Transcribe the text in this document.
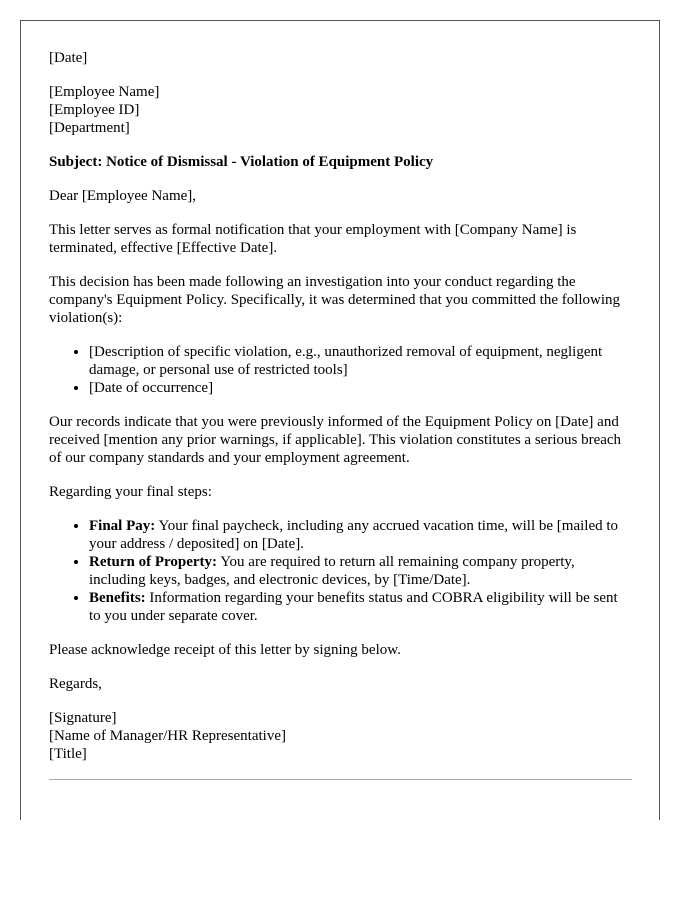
[Date]
[Employee Name]
[Employee ID]
[Department]
Subject: Notice of Dismissal - Violation of Equipment Policy

Dear [Employee Name],

This letter serves as formal notification that your employment with [Company Name] is terminated, effective [Effective Date].

This decision has been made following an investigation into your conduct regarding the company's Equipment Policy. Specifically, it was determined that you committed the following violation(s):

• [Description of specific violation, e.g., unauthorized removal of equipment, negligent damage, or personal use of restricted tools]
• [Date of occurrence]

Our records indicate that you were previously informed of the Equipment Policy on [Date] and received [mention any prior warnings, if applicable]. This violation constitutes a serious breach of our company standards and your employment agreement.

Regarding your final steps:

• Final Pay: Your final paycheck, including any accrued vacation time, will be [mailed to your address / deposited] on [Date].
• Return of Property: You are required to return all remaining company property, including keys, badges, and electronic devices, by [Time/Date].
• Benefits: Information regarding your benefits status and COBRA eligibility will be sent to you under separate cover.

Please acknowledge receipt of this letter by signing below.

Regards,

[Signature]
[Name of Manager/HR Representative]
[Title]
